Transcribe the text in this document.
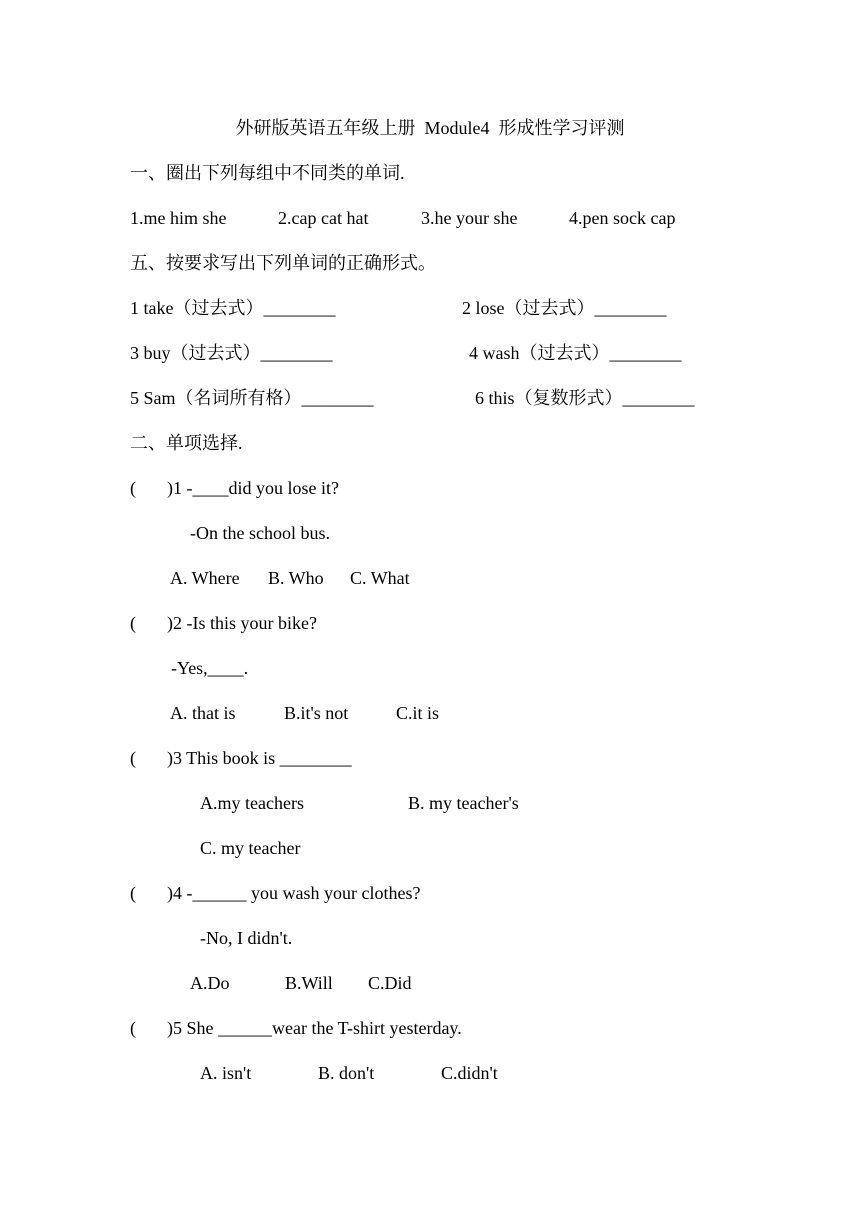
外研版英语五年级上册  Module4  形成性学习评测
一、圈出下列每组中不同类的单词.
1.me him she	2.cap cat hat	3.he your she	4.pen sock cap
五、按要求写出下列单词的正确形式。
1 take（过去式）________	2 lose（过去式）________
3 buy（过去式）________	4 wash（过去式）________
5 Sam（名词所有格）________	6 this（复数形式）________
二、单项选择.
( )1 -____did you lose it?
-On the school bus.
A. Where B. Who C. What
( )2 -Is this your bike?
-Yes,____.
A. that is	B.it's not	C.it is
( )3 This book is ________
A.my teachers	B. my teacher's
C. my teacher
( )4 -______ you wash your clothes?
-No, I didn't.
A.Do	B.Will C.Did
( )5 She ______wear the T-shirt yesterday.
A. isn't	B. don't	C.didn't
